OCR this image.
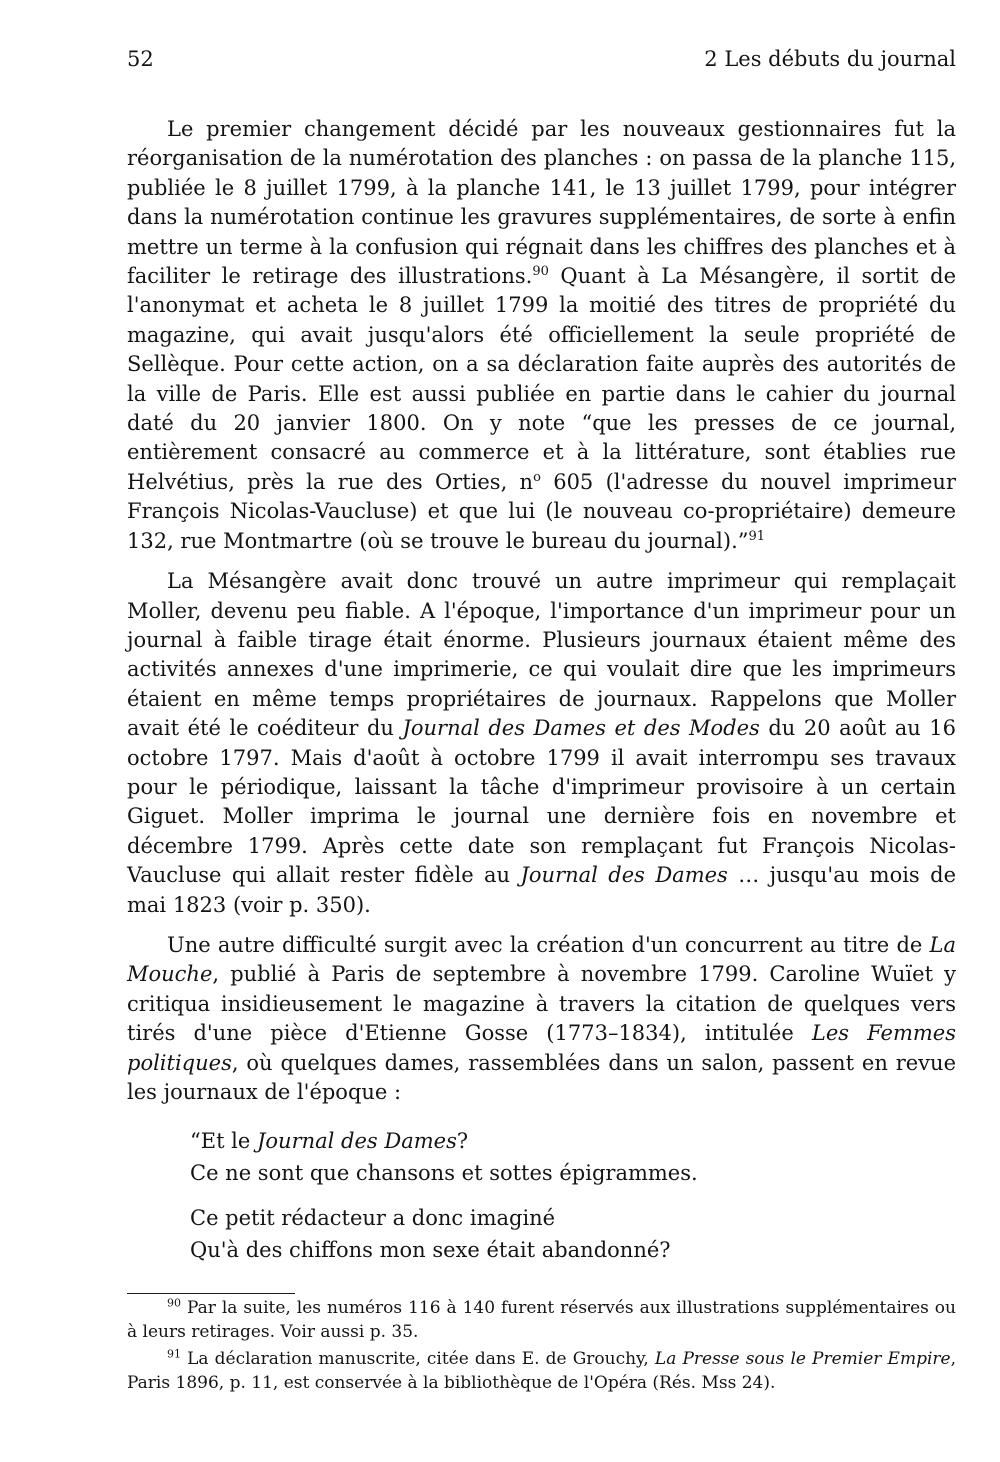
52	2 Les débuts du journal

Le premier changement décidé par les nouveaux gestionnaires fut la réorganisation de la numérotation des planches : on passa de la planche 115, publiée le 8 juillet 1799, à la planche 141, le 13 juillet 1799, pour intégrer dans la numérotation continue les gravures supplémentaires, de sorte à enfin mettre un terme à la confusion qui régnait dans les chiffres des planches et à faciliter le retirage des illustrations.$^{90}$ Quant à La Mésangère, il sortit de l'anonymat et acheta le 8 juillet 1799 la moitié des titres de propriété du magazine, qui avait jusqu'alors été officiellement la seule propriété de Sellèque. Pour cette action, on a sa déclaration faite auprès des autorités de la ville de Paris. Elle est aussi publiée en partie dans le cahier du journal daté du 20 janvier 1800. On y note “que les presses de ce journal, entièrement consacré au commerce et à la littérature, sont établies rue Helvétius, près la rue des Orties, $n^o$ 605 (l'adresse du nouvel imprimeur François Nicolas-Vaucluse) et que lui (le nouveau co-propriétaire) demeure 132, rue Montmartre (où se trouve le bureau du journal).”$^{91}$

La Mésangère avait donc trouvé un autre imprimeur qui remplaçait Moller, devenu peu fiable. A l'époque, l'importance d'un imprimeur pour un journal à faible tirage était énorme. Plusieurs journaux étaient même des activités annexes d'une imprimerie, ce qui voulait dire que les imprimeurs étaient en même temps propriétaires de journaux. Rappelons que Moller avait été le coéditeur du Journal des Dames et des Modes du 20 août au 16 octobre 1797. Mais d'août à octobre 1799 il avait interrompu ses travaux pour le périodique, laissant la tâche d'imprimeur provisoire à un certain Giguet. Moller imprima le journal une dernière fois en novembre et décembre 1799. Après cette date son remplaçant fut François Nicolas-Vaucluse qui allait rester fidèle au Journal des Dames … jusqu'au mois de mai 1823 (voir p. 350).

Une autre difficulté surgit avec la création d'un concurrent au titre de La Mouche, publié à Paris de septembre à novembre 1799. Caroline Wuïet y critiqua insidieusement le magazine à travers la citation de quelques vers tirés d'une pièce d'Etienne Gosse (1773–1834), intitulée Les Femmes politiques, où quelques dames, rassemblées dans un salon, passent en revue les journaux de l'époque :

“Et le Journal des Dames?
Ce ne sont que chansons et sottes épigrammes.

Ce petit rédacteur a donc imaginé
Qu'à des chiffons mon sexe était abandonné?

$^{90}$ Par la suite, les numéros 116 à 140 furent réservés aux illustrations supplémentaires ou à leurs retirages. Voir aussi p. 35.

$^{91}$ La déclaration manuscrite, citée dans E. de Grouchy, La Presse sous le Premier Empire, Paris 1896, p. 11, est conservée à la bibliothèque de l'Opéra (Rés. Mss 24).
